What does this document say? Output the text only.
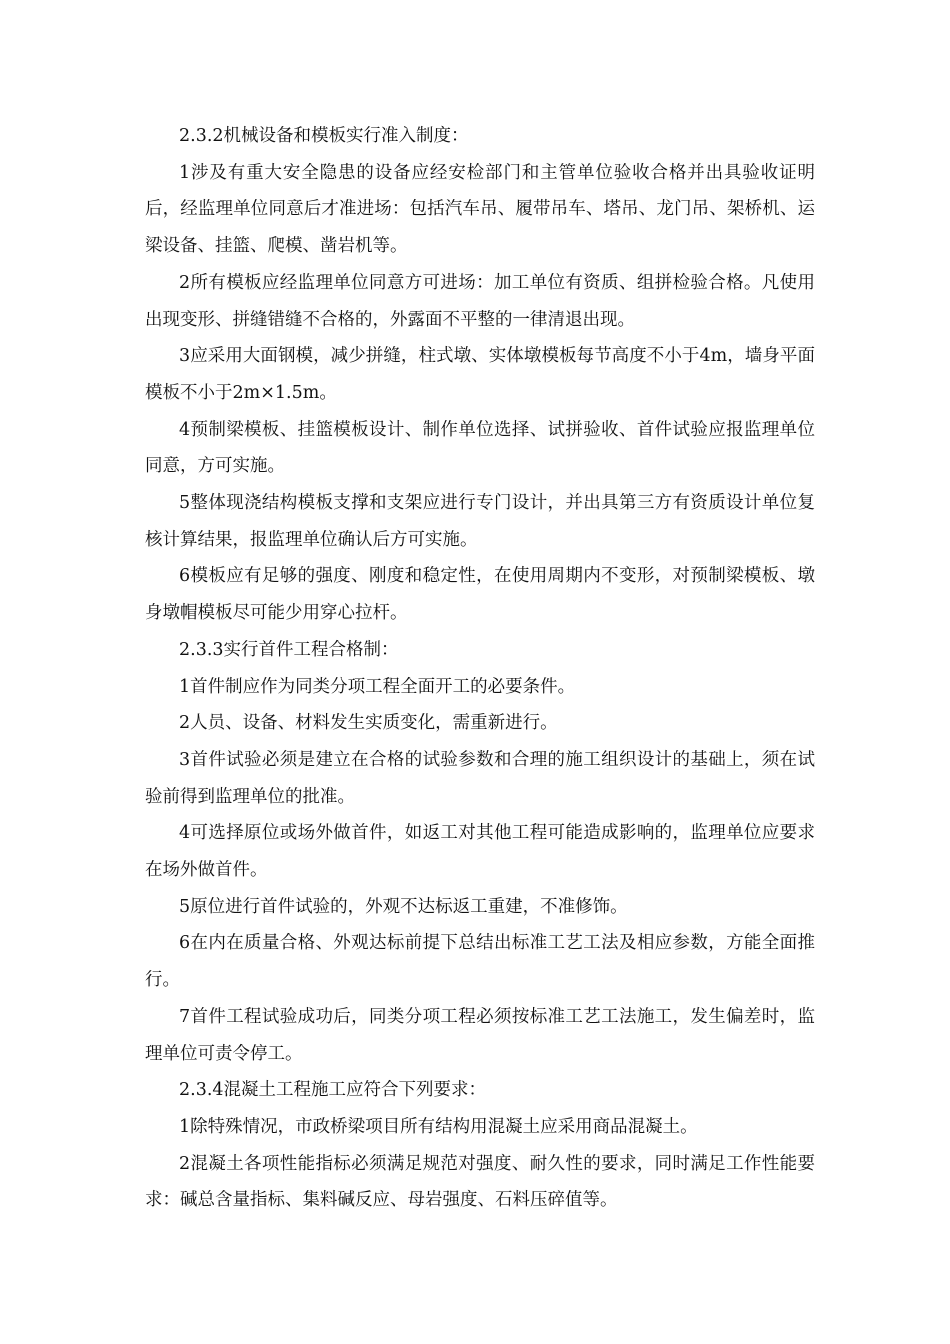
2.3.2机械设备和模板实行准入制度：

1涉及有重大安全隐患的设备应经安检部门和主管单位验收合格并出具验收证明后，经监理单位同意后才准进场：包括汽车吊、履带吊车、塔吊、龙门吊、架桥机、运梁设备、挂篮、爬模、凿岩机等。

2所有模板应经监理单位同意方可进场：加工单位有资质、组拼检验合格。凡使用出现变形、拼缝错缝不合格的，外露面不平整的一律清退出现。

3应采用大面钢模，减少拼缝，柱式墩、实体墩模板每节高度不小于4m，墙身平面模板不小于2m×1.5m。

4预制梁模板、挂篮模板设计、制作单位选择、试拼验收、首件试验应报监理单位同意，方可实施。

5整体现浇结构模板支撑和支架应进行专门设计，并出具第三方有资质设计单位复核计算结果，报监理单位确认后方可实施。

6模板应有足够的强度、刚度和稳定性，在使用周期内不变形，对预制梁模板、墩身墩帽模板尽可能少用穿心拉杆。

2.3.3实行首件工程合格制：

1首件制应作为同类分项工程全面开工的必要条件。

2人员、设备、材料发生实质变化，需重新进行。

3首件试验必须是建立在合格的试验参数和合理的施工组织设计的基础上，须在试验前得到监理单位的批准。

4可选择原位或场外做首件，如返工对其他工程可能造成影响的，监理单位应要求在场外做首件。

5原位进行首件试验的，外观不达标返工重建，不准修饰。

6在内在质量合格、外观达标前提下总结出标准工艺工法及相应参数，方能全面推行。

7首件工程试验成功后，同类分项工程必须按标准工艺工法施工，发生偏差时，监理单位可责令停工。

2.3.4混凝土工程施工应符合下列要求：

1除特殊情况，市政桥梁项目所有结构用混凝土应采用商品混凝土。

2混凝土各项性能指标必须满足规范对强度、耐久性的要求，同时满足工作性能要求：碱总含量指标、集料碱反应、母岩强度、石料压碎值等。
